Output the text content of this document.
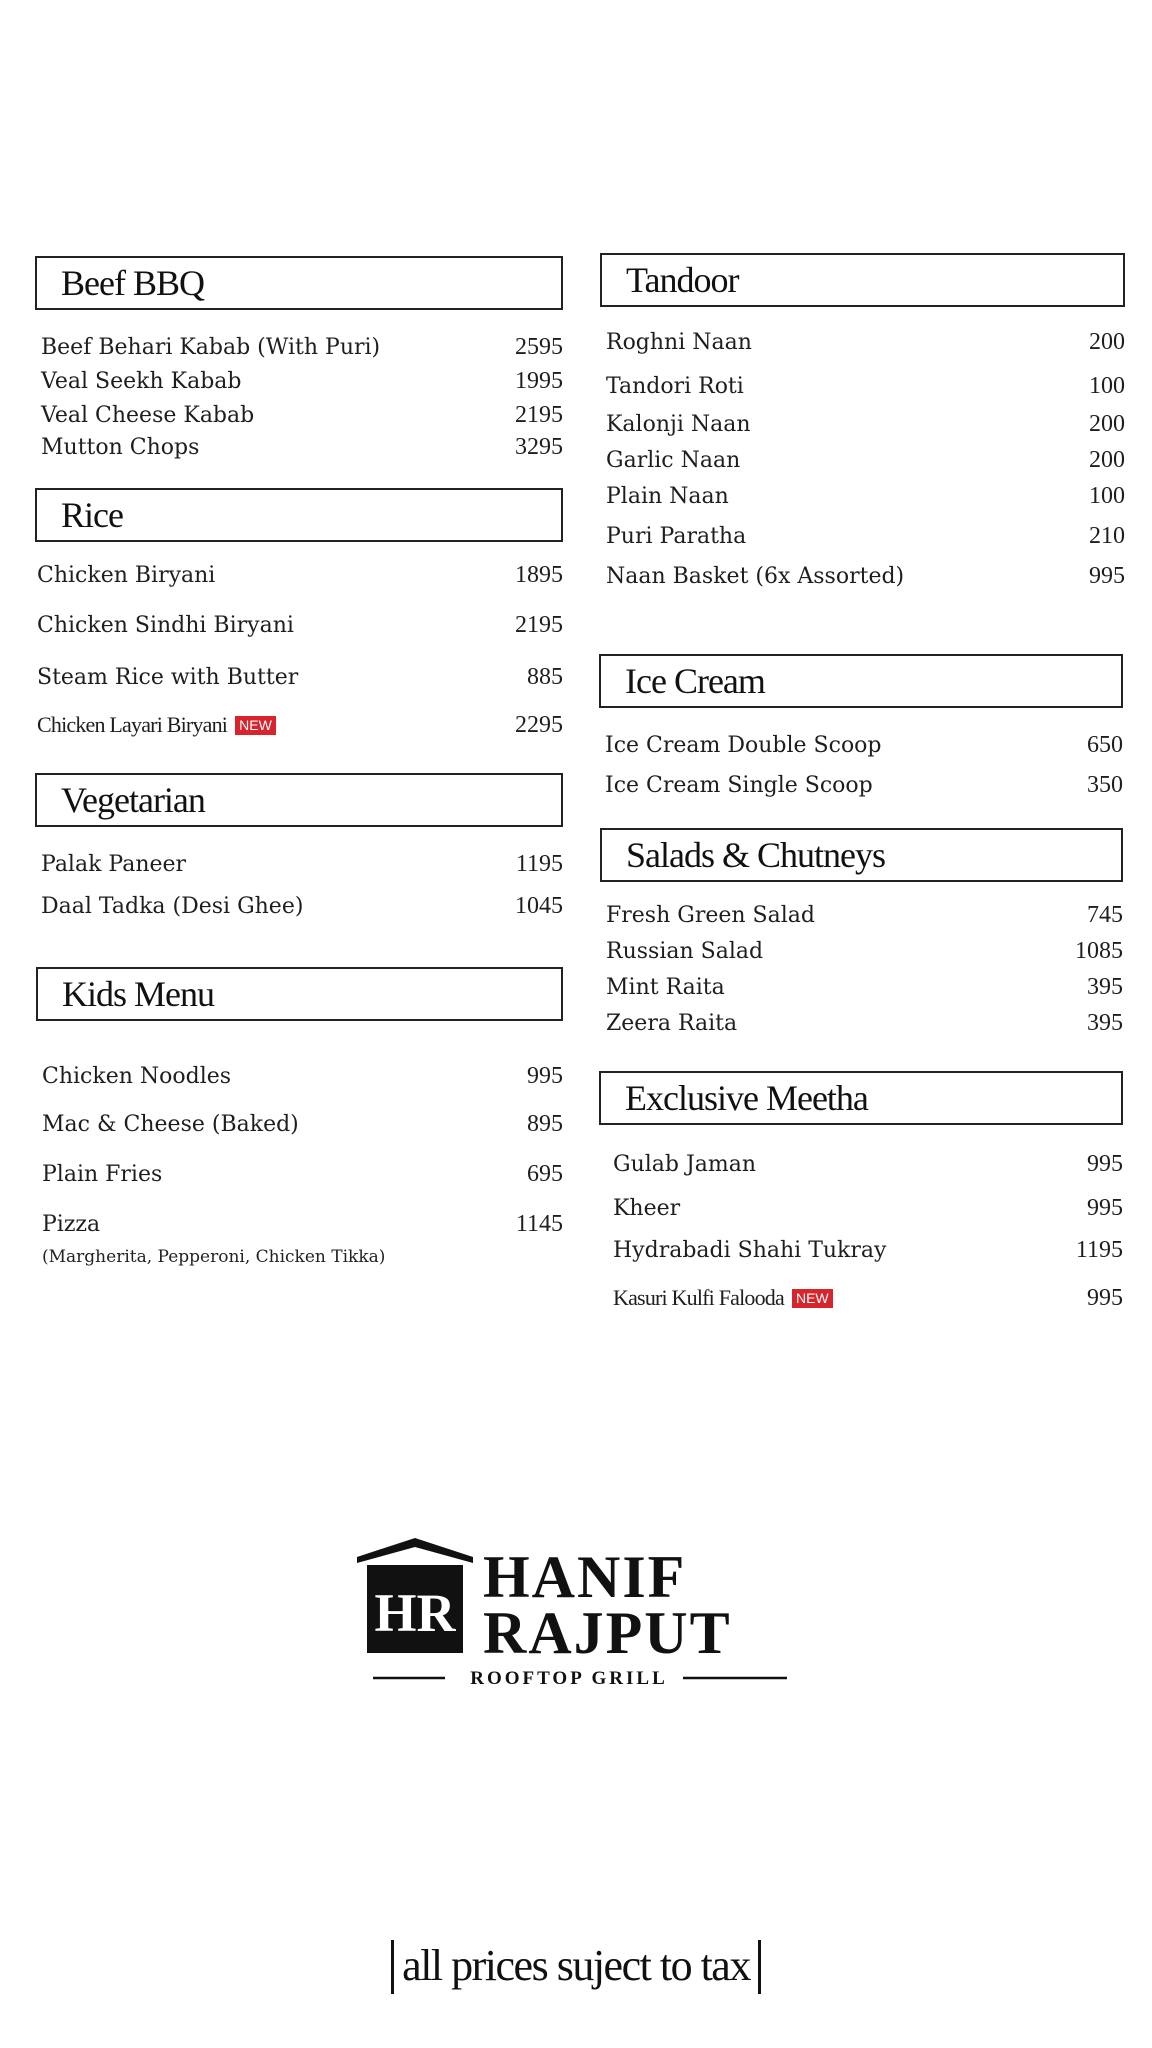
Beef BBQ
Beef Behari Kabab (With Puri)	2595
Veal Seekh Kabab	1995
Veal Cheese Kabab	2195
Mutton Chops	3295
Rice
Chicken Biryani	1895
Chicken Sindhi Biryani	2195
Steam Rice with Butter	885
Chicken Layari Biryani NEW	2295
Vegetarian
Palak Paneer	1195
Daal Tadka (Desi Ghee)	1045
Kids Menu
Chicken Noodles	995
Mac & Cheese (Baked)	895
Plain Fries	695
Pizza	1145
(Margherita, Pepperoni, Chicken Tikka)
Tandoor
Roghni Naan	200
Tandori Roti	100
Kalonji Naan	200
Garlic Naan	200
Plain Naan	100
Puri Paratha	210
Naan Basket (6x Assorted)	995
Ice Cream
Ice Cream Double Scoop	650
Ice Cream Single Scoop	350
Salads & Chutneys
Fresh Green Salad	745
Russian Salad	1085
Mint Raita	395
Zeera Raita	395
Exclusive Meetha
Gulab Jaman	995
Kheer	995
Hydrabadi Shahi Tukray	1195
Kasuri Kulfi Falooda NEW	995
HR
HANIF
RAJPUT
ROOFTOP GRILL
all prices suject to tax
